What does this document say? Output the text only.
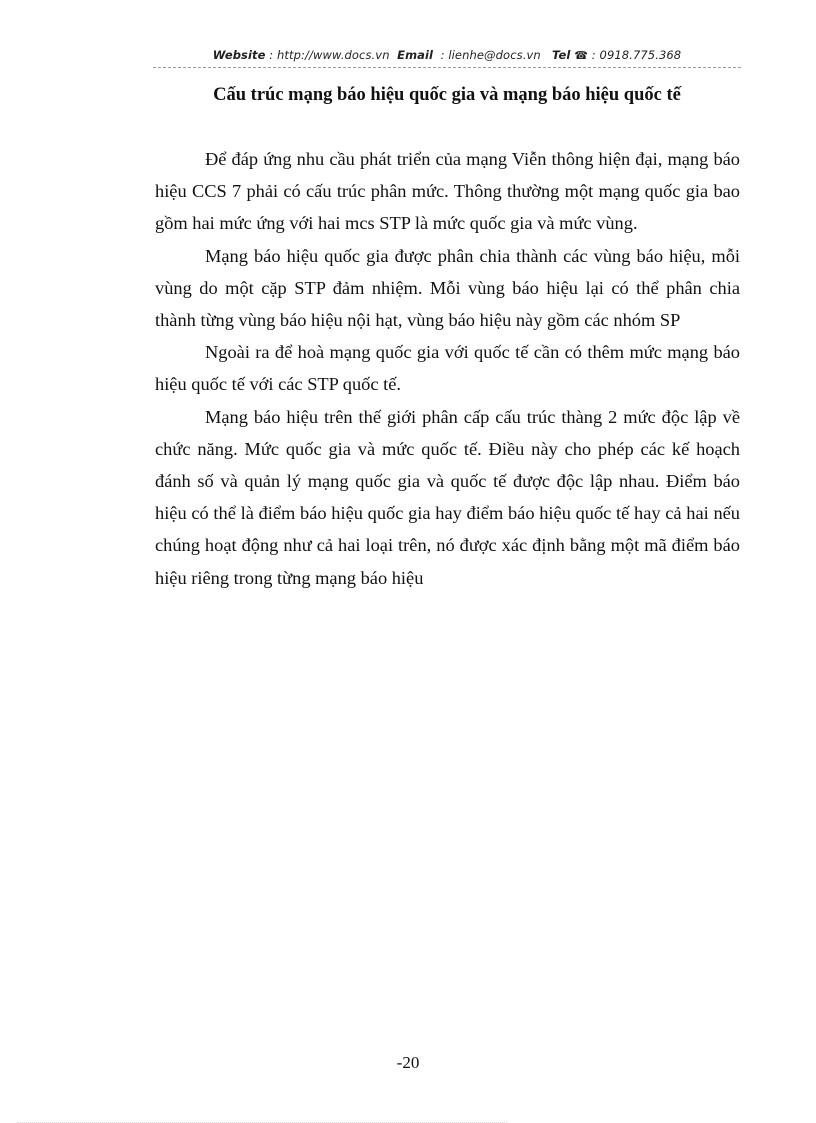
Website : http://www.docs.vn Email : lienhe@docs.vn Tel ☎ : 0918.775.368
Cấu trúc mạng báo hiệu quốc gia và mạng báo hiệu quốc tế

Để đáp ứng nhu cầu phát triển của mạng Viễn thông hiện đại, mạng báo hiệu CCS 7 phải có cấu trúc phân mức. Thông thường một mạng quốc gia bao gồm hai mức ứng với hai mcs STP là mức quốc gia và mức vùng.

Mạng báo hiệu quốc gia được phân chia thành các vùng báo hiệu, mỗi vùng do một cặp STP đảm nhiệm. Mỗi vùng báo hiệu lại có thể phân chia thành từng vùng báo hiệu nội hạt, vùng báo hiệu này gồm các nhóm SP

Ngoài ra để hoà mạng quốc gia với quốc tế cần có thêm mức mạng báo hiệu quốc tế với các STP quốc tế.

Mạng báo hiệu trên thế giới phân cấp cấu trúc thàng 2 mức độc lập về chức năng. Mức quốc gia và mức quốc tế. Điều này cho phép các kế hoạch đánh số và quản lý mạng quốc gia và quốc tế được độc lập nhau. Điểm báo hiệu có thể là điểm báo hiệu quốc gia hay điểm báo hiệu quốc tế hay cả hai nếu chúng hoạt động như cả hai loại trên, nó được xác định bằng một mã điểm báo hiệu riêng trong từng mạng báo hiệu

-20
